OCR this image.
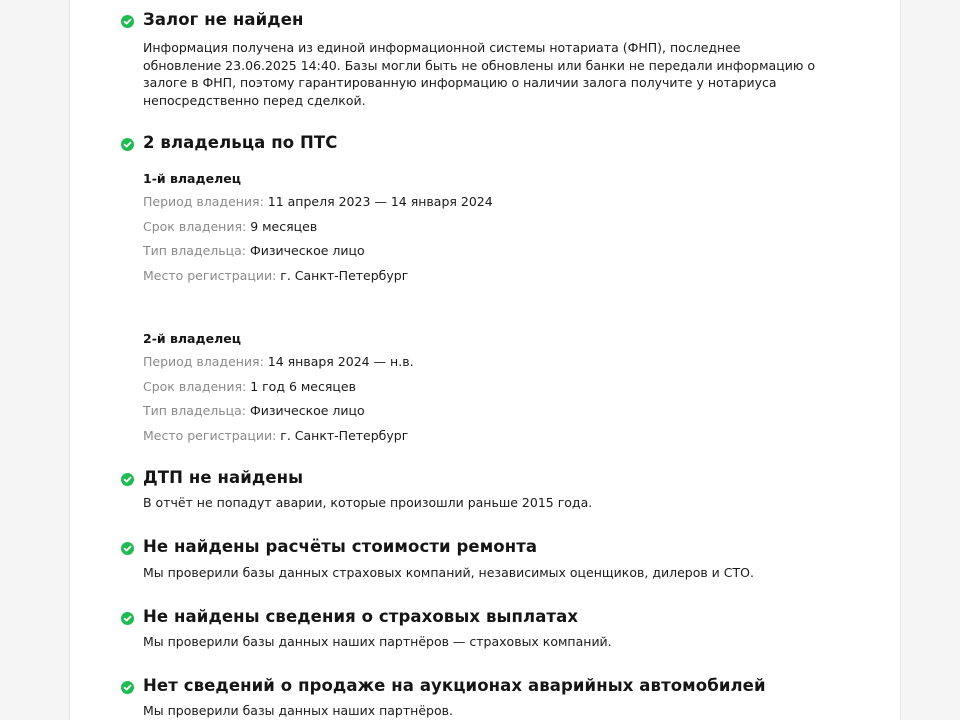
Залог не найден
Информация получена из единой информационной системы нотариата (ФНП), последнее
обновление 23.06.2025 14:40. Базы могли быть не обновлены или банки не передали информацию о
залоге в ФНП, поэтому гарантированную информацию о наличии залога получите у нотариуса
непосредственно перед сделкой.
2 владельца по ПТС
1-й владелец
Период владения: 11 апреля 2023 — 14 января 2024
Срок владения: 9 месяцев
Тип владельца: Физическое лицо
Место регистрации: г. Санкт-Петербург
2-й владелец
Период владения: 14 января 2024 — н.в.
Срок владения: 1 год 6 месяцев
Тип владельца: Физическое лицо
Место регистрации: г. Санкт-Петербург
ДТП не найдены
В отчёт не попадут аварии, которые произошли раньше 2015 года.
Не найдены расчёты стоимости ремонта
Мы проверили базы данных страховых компаний, независимых оценщиков, дилеров и СТО.
Не найдены сведения о страховых выплатах
Мы проверили базы данных наших партнёров — страховых компаний.
Нет сведений о продаже на аукционах аварийных автомобилей
Мы проверили базы данных наших партнёров.
